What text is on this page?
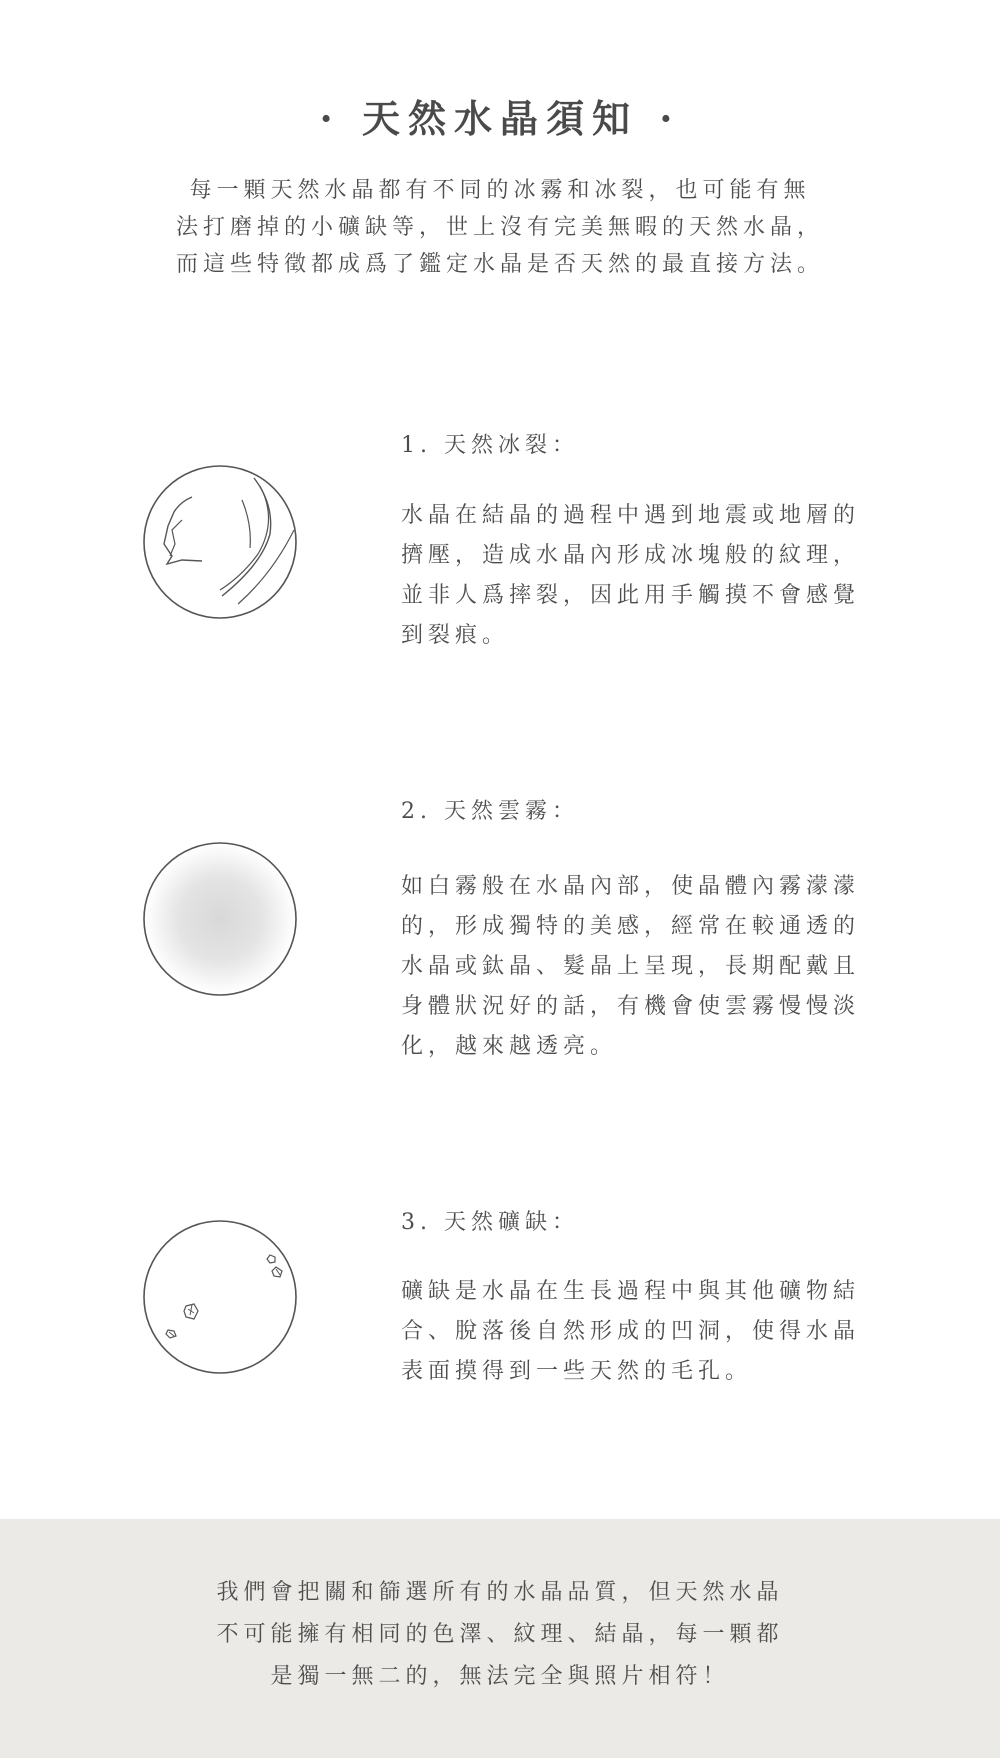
· 天然水晶須知 ·
每一顆天然水晶都有不同的冰霧和冰裂，也可能有無
法打磨掉的小礦缺等，世上沒有完美無暇的天然水晶，
而這些特徵都成爲了鑑定水晶是否天然的最直接方法。
1. 天然冰裂：
水晶在結晶的過程中遇到地震或地層的
擠壓，造成水晶內形成冰塊般的紋理，
並非人爲摔裂，因此用手觸摸不會感覺
到裂痕。
2. 天然雲霧：
如白霧般在水晶內部，使晶體內霧濛濛
的，形成獨特的美感，經常在較通透的
水晶或鈦晶、髮晶上呈現，長期配戴且
身體狀況好的話，有機會使雲霧慢慢淡
化，越來越透亮。
3. 天然礦缺：
礦缺是水晶在生長過程中與其他礦物結
合、脫落後自然形成的凹洞，使得水晶
表面摸得到一些天然的毛孔。
我們會把關和篩選所有的水晶品質，但天然水晶
不可能擁有相同的色澤、紋理、結晶，每一顆都
是獨一無二的，無法完全與照片相符！
